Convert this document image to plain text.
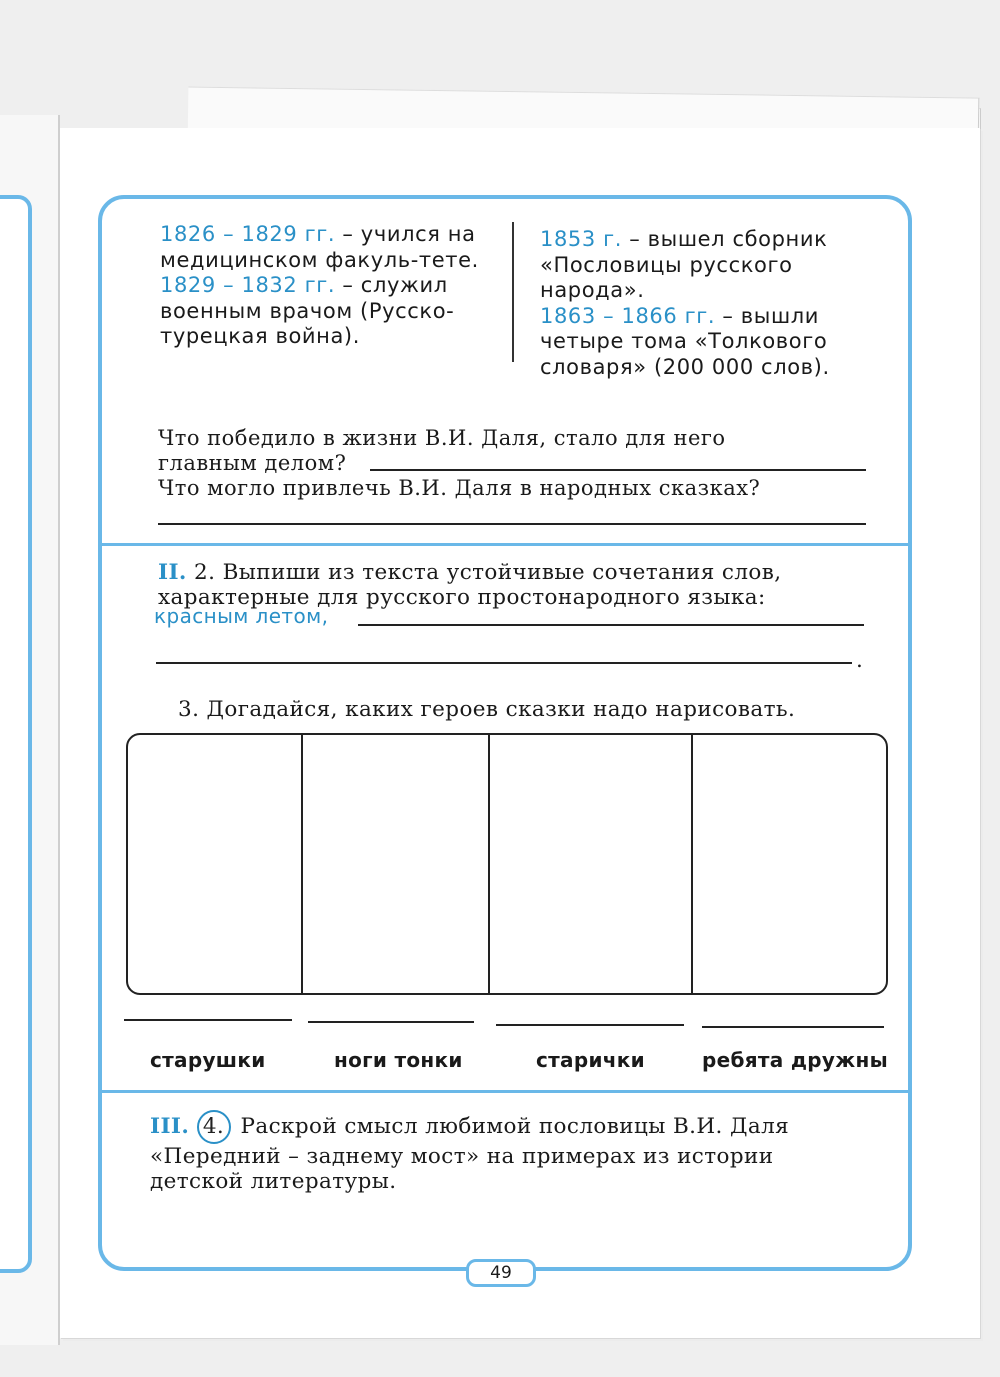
1826 – 1829 гг. – учился на медицинском факуль-тете.
1829 – 1832 гг. – служил военным врачом (Русско-турецкая война).
1853 г. – вышел сборник «Пословицы русского народа».
1863 – 1866 гг. – вышли четыре тома «Толкового словаря» (200 000 слов).
Что победило в жизни В.И. Даля, стало для него
главным делом?
Что могло привлечь В.И. Даля в народных сказках?
II. 2. Выпиши из текста устойчивые сочетания слов,
характерные для русского простонародного языка:
красным летом,
.
3. Догадайся, каких героев сказки надо нарисовать.
старушки	ноги тонки	старички	ребята дружны
III. 4. Раскрой смысл любимой пословицы В.И. Даля
«Передний – заднему мост» на примерах из истории
детской литературы.
49
